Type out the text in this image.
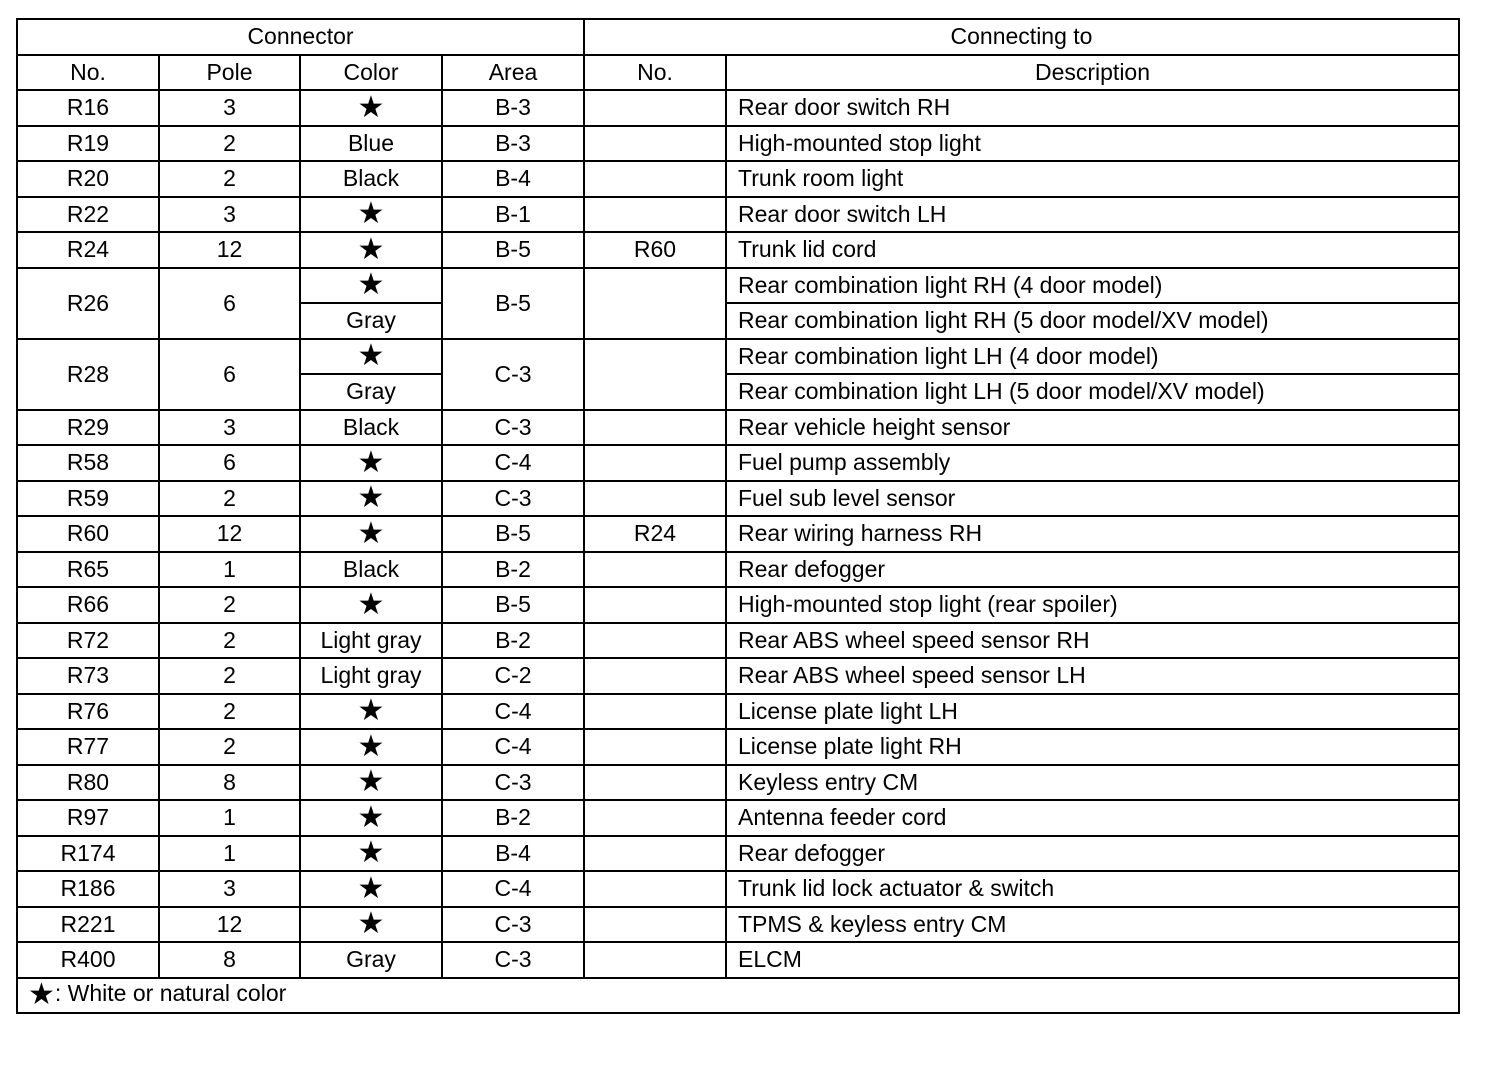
Connector				Connecting to	
No.	Pole	Color	Area	No.	Description
R16	3	★	B-3		Rear door switch RH
R19	2	Blue	B-3		High-mounted stop light
R20	2	Black	B-4		Trunk room light
R22	3	★	B-1		Rear door switch LH
R24	12	★	B-5	R60	Trunk lid cord
R26	6	★	B-5		Rear combination light RH (4 door model)
		Gray			Rear combination light RH (5 door model/XV model)
R28	6	★	C-3		Rear combination light LH (4 door model)
		Gray			Rear combination light LH (5 door model/XV model)
R29	3	Black	C-3		Rear vehicle height sensor
R58	6	★	C-4		Fuel pump assembly
R59	2	★	C-3		Fuel sub level sensor
R60	12	★	B-5	R24	Rear wiring harness RH
R65	1	Black	B-2		Rear defogger
R66	2	★	B-5		High-mounted stop light (rear spoiler)
R72	2	Light gray	B-2		Rear ABS wheel speed sensor RH
R73	2	Light gray	C-2		Rear ABS wheel speed sensor LH
R76	2	★	C-4		License plate light LH
R77	2	★	C-4		License plate light RH
R80	8	★	C-3		Keyless entry CM
R97	1	★	B-2		Antenna feeder cord
R174	1	★	B-4		Rear defogger
R186	3	★	C-4		Trunk lid lock actuator & switch
R221	12	★	C-3		TPMS & keyless entry CM
R400	8	Gray	C-3		ELCM
★: White or natural color					
